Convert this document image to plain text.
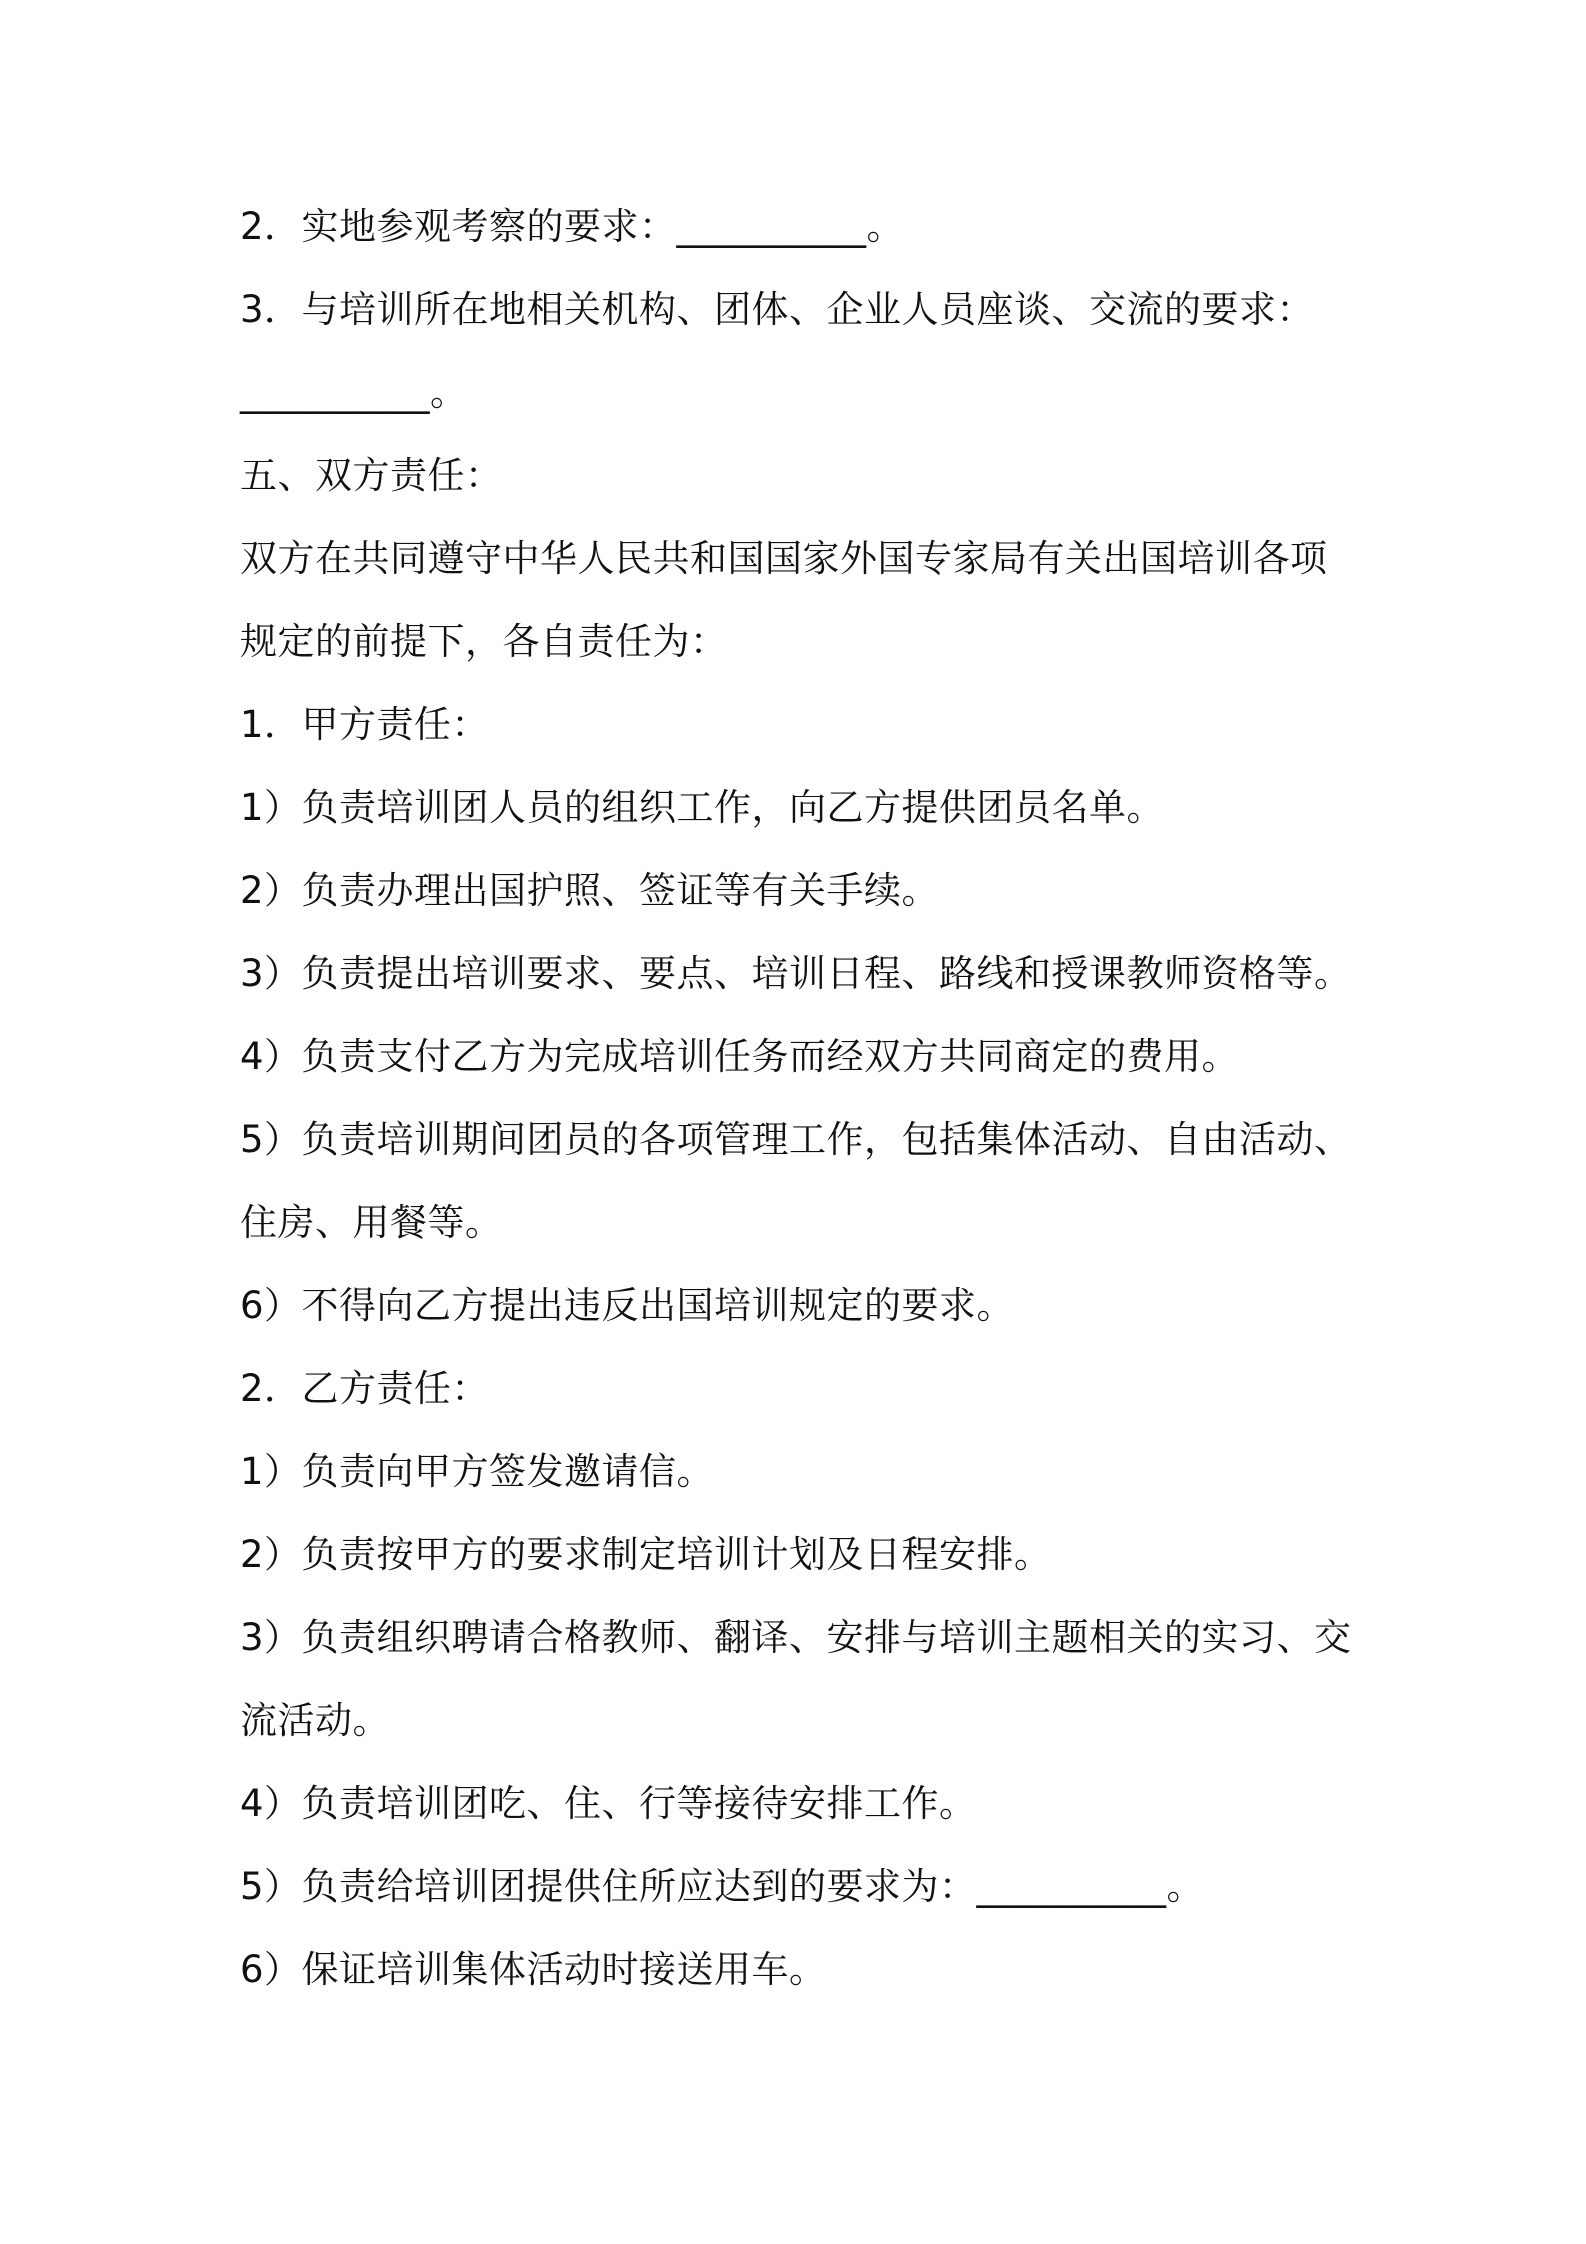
2．实地参观考察的要求：__________。
3．与培训所在地相关机构、团体、企业人员座谈、交流的要求：
__________。
五、双方责任：
双方在共同遵守中华人民共和国国家外国专家局有关出国培训各项
规定的前提下，各自责任为：
1．甲方责任：
1）负责培训团人员的组织工作，向乙方提供团员名单。
2）负责办理出国护照、签证等有关手续。
3）负责提出培训要求、要点、培训日程、路线和授课教师资格等。
4）负责支付乙方为完成培训任务而经双方共同商定的费用。
5）负责培训期间团员的各项管理工作，包括集体活动、自由活动、
住房、用餐等。
6）不得向乙方提出违反出国培训规定的要求。
2．乙方责任：
1）负责向甲方签发邀请信。
2）负责按甲方的要求制定培训计划及日程安排。
3）负责组织聘请合格教师、翻译、安排与培训主题相关的实习、交
流活动。
4）负责培训团吃、住、行等接待安排工作。
5）负责给培训团提供住所应达到的要求为：__________。
6）保证培训集体活动时接送用车。
